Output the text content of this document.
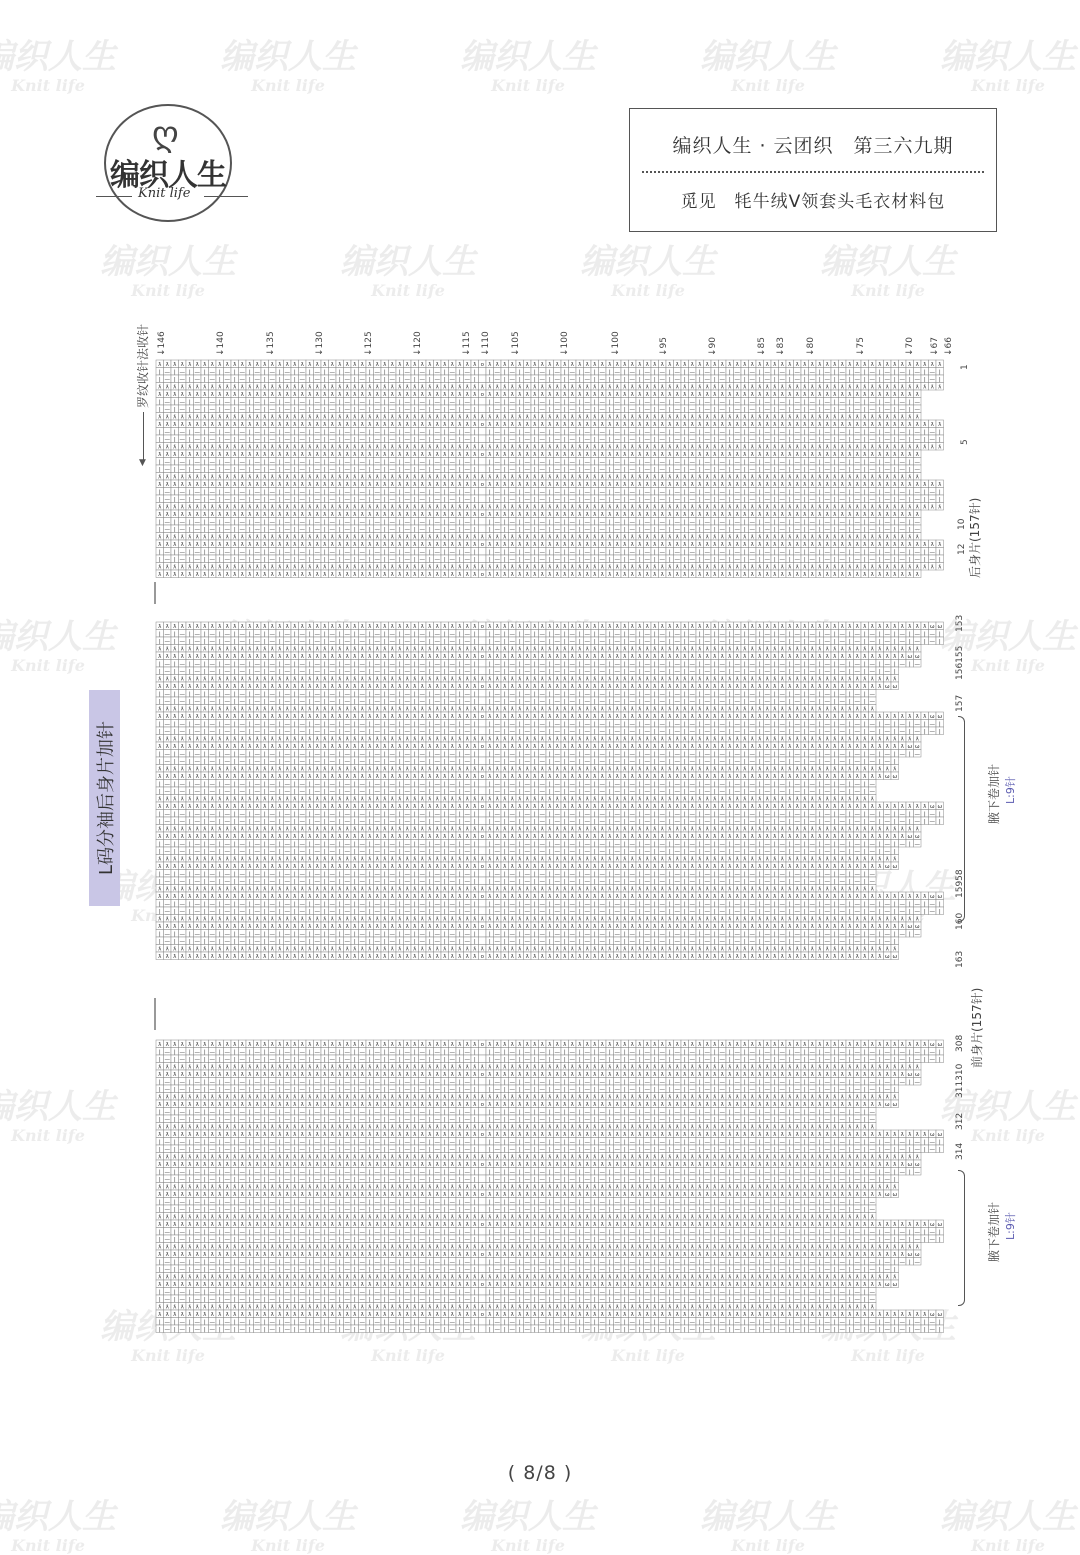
织人生
Knit life
编织人生
Knit life
编织人生
Knit life
编织人生
Knit life
编织人生
Knit life
编织人生
Knit life
编织人生
Knit life
编织人生
Knit life
编织人生
Knit life
织人生
Knit life
编织人生
Knit life
Knit
编织人生
织人生
Knit life
编织人生
Knit life
Knit life	Knit life	Knit life	Knit life
织人生
Knit life
编织人生
Knit life
编织人生
Knit life
编织人生
Knit life
编织人生
Knit life
ღ
编织人生
Knit life
编织人生 · 云团织　第三六九期
觅见　牦牛绒V领套头毛衣材料包
L码分袖后身片加针
罗纹收针法收针
▼
↓146	↓140	↓135	↓130	↓125	↓120	↓115 ↓110 ↓105	↓100	↓100	↓95	↓90	↓85 ↓83 ↓80	↓75	↓70 ↓67 ↓66
ƛ ƛ ƛ ƛ ƛ ƛ ƛ ƛ ƛ ƛ ƛ ƛ ƛ ƛ ƛ ƛ ƛ ƛ ƛ ƛ ƛ ƛ ƛ ƛ ƛ ƛ ƛ ƛ ƛ ƛ ƛ ƛ ƛ ƛ ƛ ƛ ƛ ƛ ƛ ƛ ƛ ƛ ƛ o ƛ ƛ ƛ ƛ ƛ ƛ ƛ ƛ ƛ ƛ ƛ ƛ ƛ ƛ ƛ ƛ ƛ ƛ ƛ ƛ ƛ ƛ ƛ ƛ ƛ ƛ ƛ ƛ ƛ ƛ ƛ ƛ ƛ ƛ ƛ ƛ ƛ ƛ ƛ ƛ ƛ ƛ ƛ ƛ ƛ ƛ ƛ ƛ ƛ ƛ ƛ ƛ ƛ ƛ ƛ ƛ ƛ ƛ ƛ ƛ ƛ
| — | — | — | — | — | — | — | — | — | — | — | — | — | — | — | — | — | — | — | — | — | | — | — | — | — | — | — | — | — | — | — | — | — | — | — | — | — | — | — | — | — | — | — | — | — | — | — | — | — | — | — |
| — | — | — | — | — | — | — | — | — | — | — | — | — | — | — | — | — | — | — | — | — | | — | — | — | — | — | — | — | — | — | — | — | — | — | — | — | — | — | — | — | — | — | — | — | — | — | — | — | — | — | — |
ƛ ƛ ƛ ƛ ƛ ƛ ƛ ƛ ƛ ƛ ƛ ƛ ƛ ƛ ƛ ƛ ƛ ƛ ƛ ƛ ƛ ƛ ƛ ƛ ƛ ƛ ƛ ƛ ƛ ƛ ƛ ƛ ƛ ƛ ƛ ƛ ƛ ƛ ƛ ƛ ƛ ƛ ƛ ƛ ƛ ƛ ƛ ƛ ƛ ƛ ƛ ƛ ƛ ƛ ƛ ƛ ƛ ƛ ƛ ƛ ƛ ƛ ƛ ƛ ƛ ƛ ƛ ƛ ƛ ƛ ƛ ƛ ƛ ƛ ƛ ƛ ƛ ƛ ƛ ƛ ƛ ƛ ƛ ƛ ƛ ƛ ƛ ƛ ƛ ƛ ƛ ƛ ƛ ƛ ƛ ƛ ƛ ƛ ƛ ƛ ƛ ƛ ƛ ƛ ƛ
ƛ ƛ ƛ ƛ ƛ ƛ ƛ ƛ ƛ ƛ ƛ ƛ ƛ ƛ ƛ ƛ ƛ ƛ ƛ ƛ ƛ ƛ ƛ ƛ ƛ ƛ ƛ ƛ ƛ ƛ ƛ ƛ ƛ ƛ ƛ ƛ ƛ ƛ ƛ ƛ ƛ ƛ ƛ o ƛ ƛ ƛ ƛ ƛ ƛ ƛ ƛ ƛ ƛ ƛ ƛ ƛ ƛ ƛ ƛ ƛ ƛ ƛ ƛ ƛ ƛ ƛ ƛ ƛ ƛ ƛ ƛ ƛ ƛ ƛ ƛ ƛ ƛ ƛ ƛ ƛ ƛ ƛ ƛ ƛ ƛ ƛ ƛ ƛ ƛ ƛ ƛ ƛ ƛ ƛ ƛ ƛ ƛ ƛ ƛ ƛ ƛ
| — | — | — | — | — | — | — | — | — | — | — | — | — | — | — | — | — | — | — | — | — | | — | — | — | — | — | — | — | — | — | — | — | — | — | — | — | — | — | — | — | — | — | — | — | — | — | — | — | — | —
| — | — | — | — | — | — | — | — | — | — | — | — | — | — | — | — | — | — | — | — | — | | — | — | — | — | — | — | — | — | — | — | — | — | — | — | — | — | — | — | — | — | — | — | — | — | — | — | — | — | —
ƛ ƛ ƛ ƛ ƛ ƛ ƛ ƛ ƛ ƛ ƛ ƛ ƛ ƛ ƛ ƛ ƛ ƛ ƛ ƛ ƛ ƛ ƛ ƛ ƛ ƛ ƛ ƛ ƛ ƛ ƛ ƛ ƛ ƛ ƛ ƛ ƛ ƛ ƛ ƛ ƛ ƛ ƛ ƛ ƛ ƛ ƛ ƛ ƛ ƛ ƛ ƛ ƛ ƛ ƛ ƛ ƛ ƛ ƛ ƛ ƛ ƛ ƛ ƛ ƛ ƛ ƛ ƛ ƛ ƛ ƛ ƛ ƛ ƛ ƛ ƛ ƛ ƛ ƛ ƛ ƛ ƛ ƛ ƛ ƛ ƛ ƛ ƛ ƛ ƛ ƛ ƛ ƛ ƛ ƛ ƛ ƛ ƛ ƛ ƛ ƛ ƛ
ƛ ƛ ƛ ƛ ƛ ƛ ƛ ƛ ƛ ƛ ƛ ƛ ƛ ƛ ƛ ƛ ƛ ƛ ƛ ƛ ƛ ƛ ƛ ƛ ƛ ƛ ƛ ƛ ƛ ƛ ƛ ƛ ƛ ƛ ƛ ƛ ƛ ƛ ƛ ƛ ƛ ƛ ƛ o ƛ ƛ ƛ ƛ ƛ ƛ ƛ ƛ ƛ ƛ ƛ ƛ ƛ ƛ ƛ ƛ ƛ ƛ ƛ ƛ ƛ ƛ ƛ ƛ ƛ ƛ ƛ ƛ ƛ ƛ ƛ ƛ ƛ ƛ ƛ ƛ ƛ ƛ ƛ ƛ ƛ ƛ ƛ ƛ ƛ ƛ ƛ ƛ ƛ ƛ ƛ ƛ ƛ ƛ ƛ ƛ ƛ ƛ ƛ ƛ ƛ
| — | — | — | — | — | — | — | — | — | — | — | — | — | — | — | — | — | — | — | — | — | | — | — | — | — | — | — | — | — | — | — | — | — | — | — | — | — | — | — | — | — | — | — | — | — | — | — | — | — | — | — |
| — | — | — | — | — | — | — | — | — | — | — | — | — | — | — | — | — | — | — | — | — | | — | — | — | — | — | — | — | — | — | — | — | — | — | — | — | — | — | — | — | — | — | — | — | — | — | — | — | — | — | — |
ƛ ƛ ƛ ƛ ƛ ƛ ƛ ƛ ƛ ƛ ƛ ƛ ƛ ƛ ƛ ƛ ƛ ƛ ƛ ƛ ƛ ƛ ƛ ƛ ƛ ƛ ƛ ƛ ƛ ƛ ƛ ƛ ƛ ƛ ƛ ƛ ƛ ƛ ƛ ƛ ƛ ƛ ƛ ƛ ƛ ƛ ƛ ƛ ƛ ƛ ƛ ƛ ƛ ƛ ƛ ƛ ƛ ƛ ƛ ƛ ƛ ƛ ƛ ƛ ƛ ƛ ƛ ƛ ƛ ƛ ƛ ƛ ƛ ƛ ƛ ƛ ƛ ƛ ƛ ƛ ƛ ƛ ƛ ƛ ƛ ƛ ƛ ƛ ƛ ƛ ƛ ƛ ƛ ƛ ƛ ƛ ƛ ƛ ƛ ƛ ƛ ƛ ƛ ƛ ƛ
ƛ ƛ ƛ ƛ ƛ ƛ ƛ ƛ ƛ ƛ ƛ ƛ ƛ ƛ ƛ ƛ ƛ ƛ ƛ ƛ ƛ ƛ ƛ ƛ ƛ ƛ ƛ ƛ ƛ ƛ ƛ ƛ ƛ ƛ ƛ ƛ ƛ ƛ ƛ ƛ ƛ ƛ ƛ o ƛ ƛ ƛ ƛ ƛ ƛ ƛ ƛ ƛ ƛ ƛ ƛ ƛ ƛ ƛ ƛ ƛ ƛ ƛ ƛ ƛ ƛ ƛ ƛ ƛ ƛ ƛ ƛ ƛ ƛ ƛ ƛ ƛ ƛ ƛ ƛ ƛ ƛ ƛ ƛ ƛ ƛ ƛ ƛ ƛ ƛ ƛ ƛ ƛ ƛ ƛ ƛ ƛ ƛ ƛ ƛ ƛ ƛ
| — | — | — | — | — | — | — | — | — | — | — | — | — | — | — | — | — | — | — | — | — | | — | — | — | — | — | — | — | — | — | — | — | — | — | — | — | — | — | — | — | — | — | — | — | — | — | — | — | — | —
| — | — | — | — | — | — | — | — | — | — | — | — | — | — | — | — | — | — | — | — | — | | — | — | — | — | — | — | — | — | — | — | — | — | — | — | — | — | — | — | — | — | — | — | — | — | — | — | — | — | —
ƛ ƛ ƛ ƛ ƛ ƛ ƛ ƛ ƛ ƛ ƛ ƛ ƛ ƛ ƛ ƛ ƛ ƛ ƛ ƛ ƛ ƛ ƛ ƛ ƛ ƛ ƛ ƛ ƛ ƛ ƛ ƛ ƛ ƛ ƛ ƛ ƛ ƛ ƛ ƛ ƛ ƛ ƛ ƛ ƛ ƛ ƛ ƛ ƛ ƛ ƛ ƛ ƛ ƛ ƛ ƛ ƛ ƛ ƛ ƛ ƛ ƛ ƛ ƛ ƛ ƛ ƛ ƛ ƛ ƛ ƛ ƛ ƛ ƛ ƛ ƛ ƛ ƛ ƛ ƛ ƛ ƛ ƛ ƛ ƛ ƛ ƛ ƛ ƛ ƛ ƛ ƛ ƛ ƛ ƛ ƛ ƛ ƛ ƛ ƛ ƛ ƛ
ƛ ƛ ƛ ƛ ƛ ƛ ƛ ƛ ƛ ƛ ƛ ƛ ƛ ƛ ƛ ƛ ƛ ƛ ƛ ƛ ƛ ƛ ƛ ƛ ƛ ƛ ƛ ƛ ƛ ƛ ƛ ƛ ƛ ƛ ƛ ƛ ƛ ƛ ƛ ƛ ƛ ƛ ƛ o ƛ ƛ ƛ ƛ ƛ ƛ ƛ ƛ ƛ ƛ ƛ ƛ ƛ ƛ ƛ ƛ ƛ ƛ ƛ ƛ ƛ ƛ ƛ ƛ ƛ ƛ ƛ ƛ ƛ ƛ ƛ ƛ ƛ ƛ ƛ ƛ ƛ ƛ ƛ ƛ ƛ ƛ ƛ ƛ ƛ ƛ ƛ ƛ ƛ ƛ ƛ ƛ ƛ ƛ ƛ ƛ ƛ ƛ ƛ ƛ ƛ
| — | — | — | — | — | — | — | — | — | — | — | — | — | — | — | — | — | — | — | — | — | | — | — | — | — | — | — | — | — | — | — | — | — | — | — | — | — | — | — | — | — | — | — | — | — | — | — | — | — | — | — |
| — | — | — | — | — | — | — | — | — | — | — | — | — | — | — | — | — | — | — | — | — | | — | — | — | — | — | — | — | — | — | — | — | — | — | — | — | — | — | — | — | — | — | — | — | — | — | — | — | — | — | — |
ƛ ƛ ƛ ƛ ƛ ƛ ƛ ƛ ƛ ƛ ƛ ƛ ƛ ƛ ƛ ƛ ƛ ƛ ƛ ƛ ƛ ƛ ƛ ƛ ƛ ƛ ƛ ƛ ƛ ƛ ƛ ƛ ƛ ƛ ƛ ƛ ƛ ƛ ƛ ƛ ƛ ƛ ƛ ƛ ƛ ƛ ƛ ƛ ƛ ƛ ƛ ƛ ƛ ƛ ƛ ƛ ƛ ƛ ƛ ƛ ƛ ƛ ƛ ƛ ƛ ƛ ƛ ƛ ƛ ƛ ƛ ƛ ƛ ƛ ƛ ƛ ƛ ƛ ƛ ƛ ƛ ƛ ƛ ƛ ƛ ƛ ƛ ƛ ƛ ƛ ƛ ƛ ƛ ƛ ƛ ƛ ƛ ƛ ƛ ƛ ƛ ƛ ƛ ƛ ƛ
ƛ ƛ ƛ ƛ ƛ ƛ ƛ ƛ ƛ ƛ ƛ ƛ ƛ ƛ ƛ ƛ ƛ ƛ ƛ ƛ ƛ ƛ ƛ ƛ ƛ ƛ ƛ ƛ ƛ ƛ ƛ ƛ ƛ ƛ ƛ ƛ ƛ ƛ ƛ ƛ ƛ ƛ ƛ o ƛ ƛ ƛ ƛ ƛ ƛ ƛ ƛ ƛ ƛ ƛ ƛ ƛ ƛ ƛ ƛ ƛ ƛ ƛ ƛ ƛ ƛ ƛ ƛ ƛ ƛ ƛ ƛ ƛ ƛ ƛ ƛ ƛ ƛ ƛ ƛ ƛ ƛ ƛ ƛ ƛ ƛ ƛ ƛ ƛ ƛ ƛ ƛ ƛ ƛ ƛ ƛ ƛ ƛ ƛ ƛ ƛ ƛ
| — | — | — | — | — | — | — | — | — | — | — | — | — | — | — | — | — | — | — | — | — | | — | — | — | — | — | — | — | — | — | — | — | — | — | — | — | — | — | — | — | — | — | — | — | — | — | — | — | — | —
| — | — | — | — | — | — | — | — | — | — | — | — | — | — | — | — | — | — | — | — | — | | — | — | — | — | — | — | — | — | — | — | — | — | — | — | — | — | — | — | — | — | — | — | — | — | — | — | — | — | —
ƛ ƛ ƛ ƛ ƛ ƛ ƛ ƛ ƛ ƛ ƛ ƛ ƛ ƛ ƛ ƛ ƛ ƛ ƛ ƛ ƛ ƛ ƛ ƛ ƛ ƛ ƛ ƛ ƛ ƛ ƛ ƛ ƛ ƛ ƛ ƛ ƛ ƛ ƛ ƛ ƛ ƛ ƛ ƛ ƛ ƛ ƛ ƛ ƛ ƛ ƛ ƛ ƛ ƛ ƛ ƛ ƛ ƛ ƛ ƛ ƛ ƛ ƛ ƛ ƛ ƛ ƛ ƛ ƛ ƛ ƛ ƛ ƛ ƛ ƛ ƛ ƛ ƛ ƛ ƛ ƛ ƛ ƛ ƛ ƛ ƛ ƛ ƛ ƛ ƛ ƛ ƛ ƛ ƛ ƛ ƛ ƛ ƛ ƛ ƛ ƛ ƛ
ƛ ƛ ƛ ƛ ƛ ƛ ƛ ƛ ƛ ƛ ƛ ƛ ƛ ƛ ƛ ƛ ƛ ƛ ƛ ƛ ƛ ƛ ƛ ƛ ƛ ƛ ƛ ƛ ƛ ƛ ƛ ƛ ƛ ƛ ƛ ƛ ƛ ƛ ƛ ƛ ƛ ƛ ƛ o ƛ ƛ ƛ ƛ ƛ ƛ ƛ ƛ ƛ ƛ ƛ ƛ ƛ ƛ ƛ ƛ ƛ ƛ ƛ ƛ ƛ ƛ ƛ ƛ ƛ ƛ ƛ ƛ ƛ ƛ ƛ ƛ ƛ ƛ ƛ ƛ ƛ ƛ ƛ ƛ ƛ ƛ ƛ ƛ ƛ ƛ ƛ ƛ ƛ ƛ ƛ ƛ ƛ ƛ ƛ ƛ ƛ ƛ ƛ ƛ ƛ
| — | — | — | — | — | — | — | — | — | — | — | — | — | — | — | — | — | — | — | — | — | | — | — | — | — | — | — | — | — | — | — | — | — | — | — | — | — | — | — | — | — | — | — | — | — | — | — | — | — | — | — |
| — | — | — | — | — | — | — | — | — | — | — | — | — | — | — | — | — | — | — | — | — | | — | — | — | — | — | — | — | — | — | — | — | — | — | — | — | — | — | — | — | — | — | — | — | — | — | — | — | — | — | — |
ƛ ƛ ƛ ƛ ƛ ƛ ƛ ƛ ƛ ƛ ƛ ƛ ƛ ƛ ƛ ƛ ƛ ƛ ƛ ƛ ƛ ƛ ƛ ƛ ƛ ƛ ƛ ƛ ƛ ƛ ƛ ƛ ƛ ƛ ƛ ƛ ƛ ƛ ƛ ƛ ƛ ƛ ƛ ƛ ƛ ƛ ƛ ƛ ƛ ƛ ƛ ƛ ƛ ƛ ƛ ƛ ƛ ƛ ƛ ƛ ƛ ƛ ƛ ƛ ƛ ƛ ƛ ƛ ƛ ƛ ƛ ƛ ƛ ƛ ƛ ƛ ƛ ƛ ƛ ƛ ƛ ƛ ƛ ƛ ƛ ƛ ƛ ƛ ƛ ƛ ƛ ƛ ƛ ƛ ƛ ƛ ƛ ƛ ƛ ƛ ƛ ƛ ƛ ƛ ƛ
ƛ ƛ ƛ ƛ ƛ ƛ ƛ ƛ ƛ ƛ ƛ ƛ ƛ ƛ ƛ ƛ ƛ ƛ ƛ ƛ ƛ ƛ ƛ ƛ ƛ ƛ ƛ ƛ ƛ ƛ ƛ ƛ ƛ ƛ ƛ ƛ ƛ ƛ ƛ ƛ ƛ ƛ ƛ o ƛ ƛ ƛ ƛ ƛ ƛ ƛ ƛ ƛ ƛ ƛ ƛ ƛ ƛ ƛ ƛ ƛ ƛ ƛ ƛ ƛ ƛ ƛ ƛ ƛ ƛ ƛ ƛ ƛ ƛ ƛ ƛ ƛ ƛ ƛ ƛ ƛ ƛ ƛ ƛ ƛ ƛ ƛ ƛ ƛ ƛ ƛ ƛ ƛ ƛ ƛ ƛ ƛ ƛ ƛ ƛ ƛ ƛ
ƛ ƛ ƛ ƛ ƛ ƛ ƛ ƛ ƛ ƛ ƛ ƛ ƛ ƛ ƛ ƛ ƛ ƛ ƛ ƛ ƛ ƛ ƛ ƛ ƛ ƛ ƛ ƛ ƛ ƛ ƛ ƛ ƛ ƛ ƛ ƛ ƛ ƛ ƛ ƛ ƛ ƛ ƛ o ƛ ƛ ƛ ƛ ƛ ƛ ƛ ƛ ƛ ƛ ƛ ƛ ƛ ƛ ƛ ƛ ƛ ƛ ƛ ƛ ƛ ƛ ƛ ƛ ƛ ƛ ƛ ƛ ƛ ƛ ƛ ƛ ƛ ƛ ƛ ƛ ƛ ƛ ƛ ƛ ƛ ƛ ƛ ƛ ƛ ƛ ƛ ƛ ƛ ƛ ƛ ƛ ƛ ƛ ƛ ƛ ƛ ƛ ƛ ω ω
| — | — | — | — | — | — | — | — | — | — | — | — | — | — | — | — | — | — | — | — | — | | — | — | — | — | — | — | — | — | — | — | — | — | — | — | — | — | — | — | — | — | — | — | — | — | — | — | — | — | — | — |
| — | — | — | — | — | — | — | — | — | — | — | — | — | — | — | — | — | — | — | — | — | | — | — | — | — | — | — | — | — | — | — | — | — | — | — | — | — | — | — | — | — | — | — | — | — | — | — | — | — | — | — |
ƛ ƛ ƛ ƛ ƛ ƛ ƛ ƛ ƛ ƛ ƛ ƛ ƛ ƛ ƛ ƛ ƛ ƛ ƛ ƛ ƛ ƛ ƛ ƛ ƛ ƛ ƛ ƛ ƛ ƛ ƛ ƛ ƛ ƛ ƛ ƛ ƛ ƛ ƛ ƛ ƛ ƛ ƛ ƛ ƛ ƛ ƛ ƛ ƛ ƛ ƛ ƛ ƛ ƛ ƛ ƛ ƛ ƛ ƛ ƛ ƛ ƛ ƛ ƛ ƛ ƛ ƛ ƛ ƛ ƛ ƛ ƛ ƛ ƛ ƛ ƛ ƛ ƛ ƛ ƛ ƛ ƛ ƛ ƛ ƛ ƛ ƛ ƛ ƛ ƛ ƛ ƛ ƛ ƛ ƛ ƛ ƛ ƛ ƛ ƛ ƛ ƛ
ƛ ƛ ƛ ƛ ƛ ƛ ƛ ƛ ƛ ƛ ƛ ƛ ƛ ƛ ƛ ƛ ƛ ƛ ƛ ƛ ƛ ƛ ƛ ƛ ƛ ƛ ƛ ƛ ƛ ƛ ƛ ƛ ƛ ƛ ƛ ƛ ƛ ƛ ƛ ƛ ƛ ƛ ƛ o ƛ ƛ ƛ ƛ ƛ ƛ ƛ ƛ ƛ ƛ ƛ ƛ ƛ ƛ ƛ ƛ ƛ ƛ ƛ ƛ ƛ ƛ ƛ ƛ ƛ ƛ ƛ ƛ ƛ ƛ ƛ ƛ ƛ ƛ ƛ ƛ ƛ ƛ ƛ ƛ ƛ ƛ ƛ ƛ ƛ ƛ ƛ ƛ ƛ ƛ ƛ ƛ ƛ ƛ ƛ ƛ ω ω
| — | — | — | — | — | — | — | — | — | — | — | — | — | — | — | — | — | — | — | — | — | | — | — | — | — | — | — | — | — | — | — | — | — | — | — | — | — | — | — | — | — | — | — | — | — | — | — | — | — | —
| — | — | — | — | — | — | — | — | — | — | — | — | — | — | — | — | — | — | — | — | — | | — | — | — | — | — | — | — | — | — | — | — | — | — | — | — | — | — | — | — | — | — | — | — | — | — | — | — |
ƛ ƛ ƛ ƛ ƛ ƛ ƛ ƛ ƛ ƛ ƛ ƛ ƛ ƛ ƛ ƛ ƛ ƛ ƛ ƛ ƛ ƛ ƛ ƛ ƛ ƛ ƛ ƛ ƛ ƛ ƛ ƛ ƛ ƛ ƛ ƛ ƛ ƛ ƛ ƛ ƛ ƛ ƛ ƛ ƛ ƛ ƛ ƛ ƛ ƛ ƛ ƛ ƛ ƛ ƛ ƛ ƛ ƛ ƛ ƛ ƛ ƛ ƛ ƛ ƛ ƛ ƛ ƛ ƛ ƛ ƛ ƛ ƛ ƛ ƛ ƛ ƛ ƛ ƛ ƛ ƛ ƛ ƛ ƛ ƛ ƛ ƛ ƛ ƛ ƛ ƛ ƛ ƛ ƛ ƛ ƛ ƛ ƛ ƛ
ƛ ƛ ƛ ƛ ƛ ƛ ƛ ƛ ƛ ƛ ƛ ƛ ƛ ƛ ƛ ƛ ƛ ƛ ƛ ƛ ƛ ƛ ƛ ƛ ƛ ƛ ƛ ƛ ƛ ƛ ƛ ƛ ƛ ƛ ƛ ƛ ƛ ƛ ƛ ƛ ƛ ƛ ƛ o ƛ ƛ ƛ ƛ ƛ ƛ ƛ ƛ ƛ ƛ ƛ ƛ ƛ ƛ ƛ ƛ ƛ ƛ ƛ ƛ ƛ ƛ ƛ ƛ ƛ ƛ ƛ ƛ ƛ ƛ ƛ ƛ ƛ ƛ ƛ ƛ ƛ ƛ ƛ ƛ ƛ ƛ ƛ ƛ ƛ ƛ ƛ ƛ ƛ ƛ ƛ ƛ ƛ ω ω
| — | — | — | — | — | — | — | — | — | — | — | — | — | — | — | — | — | — | — | — | — | | — | — | — | — | — | — | — | — | — | — | — | — | — | — | — | — | — | — | — | — | — | — | — | — | — | —
| — | — | — | — | — | — | — | — | — | — | — | — | — | — | — | — | — | — | — | — | — | | — | — | — | — | — | — | — | — | — | — | — | — | — | — | — | — | — | — | — | — | — | — | — | — | — | —
ƛ ƛ ƛ ƛ ƛ ƛ ƛ ƛ ƛ ƛ ƛ ƛ ƛ ƛ ƛ ƛ ƛ ƛ ƛ ƛ ƛ ƛ ƛ ƛ ƛ ƛ ƛ ƛ ƛ ƛ ƛ ƛ ƛ ƛ ƛ ƛ ƛ ƛ ƛ ƛ ƛ ƛ ƛ ƛ ƛ ƛ ƛ ƛ ƛ ƛ ƛ ƛ ƛ ƛ ƛ ƛ ƛ ƛ ƛ ƛ ƛ ƛ ƛ ƛ ƛ ƛ ƛ ƛ ƛ ƛ ƛ ƛ ƛ ƛ ƛ ƛ ƛ ƛ ƛ ƛ ƛ ƛ ƛ ƛ ƛ ƛ ƛ ƛ ƛ ƛ ƛ ƛ ƛ ƛ ƛ ƛ
ƛ ƛ ƛ ƛ ƛ ƛ ƛ ƛ ƛ ƛ ƛ ƛ ƛ ƛ ƛ ƛ ƛ ƛ ƛ ƛ ƛ ƛ ƛ ƛ ƛ ƛ ƛ ƛ ƛ ƛ ƛ ƛ ƛ ƛ ƛ ƛ ƛ ƛ ƛ ƛ ƛ ƛ ƛ o ƛ ƛ ƛ ƛ ƛ ƛ ƛ ƛ ƛ ƛ ƛ ƛ ƛ ƛ ƛ ƛ ƛ ƛ ƛ ƛ ƛ ƛ ƛ ƛ ƛ ƛ ƛ ƛ ƛ ƛ ƛ ƛ ƛ ƛ ƛ ƛ ƛ ƛ ƛ ƛ ƛ ƛ ƛ ƛ ƛ ƛ ƛ ƛ ƛ ƛ ƛ ƛ ƛ ƛ ƛ ƛ ƛ ƛ ƛ ω ω
| — | — | — | — | — | — | — | — | — | — | — | — | — | — | — | — | — | — | — | — | — | | — | — | — | — | — | — | — | — | — | — | — | — | — | — | — | — | — | — | — | — | — | — | — | — | — | — | — | — | — | — |
| — | — | — | — | — | — | — | — | — | — | — | — | — | — | — | — | — | — | — | — | — | | — | — | — | — | — | — | — | — | — | — | — | — | — | — | — | — | — | — | — | — | — | — | — | — | — | — | — | — | — | — |
ƛ ƛ ƛ ƛ ƛ ƛ ƛ ƛ ƛ ƛ ƛ ƛ ƛ ƛ ƛ ƛ ƛ ƛ ƛ ƛ ƛ ƛ ƛ ƛ ƛ ƛ ƛ ƛ ƛ ƛ ƛ ƛ ƛ ƛ ƛ ƛ ƛ ƛ ƛ ƛ ƛ ƛ ƛ ƛ ƛ ƛ ƛ ƛ ƛ ƛ ƛ ƛ ƛ ƛ ƛ ƛ ƛ ƛ ƛ ƛ ƛ ƛ ƛ ƛ ƛ ƛ ƛ ƛ ƛ ƛ ƛ ƛ ƛ ƛ ƛ ƛ ƛ ƛ ƛ ƛ ƛ ƛ ƛ ƛ ƛ ƛ ƛ ƛ ƛ ƛ ƛ ƛ ƛ ƛ ƛ ƛ ƛ ƛ ƛ ƛ ƛ ƛ
ƛ ƛ ƛ ƛ ƛ ƛ ƛ ƛ ƛ ƛ ƛ ƛ ƛ ƛ ƛ ƛ ƛ ƛ ƛ ƛ ƛ ƛ ƛ ƛ ƛ ƛ ƛ ƛ ƛ ƛ ƛ ƛ ƛ ƛ ƛ ƛ ƛ ƛ ƛ ƛ ƛ ƛ ƛ o ƛ ƛ ƛ ƛ ƛ ƛ ƛ ƛ ƛ ƛ ƛ ƛ ƛ ƛ ƛ ƛ ƛ ƛ ƛ ƛ ƛ ƛ ƛ ƛ ƛ ƛ ƛ ƛ ƛ ƛ ƛ ƛ ƛ ƛ ƛ ƛ ƛ ƛ ƛ ƛ ƛ ƛ ƛ ƛ ƛ ƛ ƛ ƛ ƛ ƛ ƛ ƛ ƛ ƛ ƛ ƛ ω ω
| — | — | — | — | — | — | — | — | — | — | — | — | — | — | — | — | — | — | — | — | — | | — | — | — | — | — | — | — | — | — | — | — | — | — | — | — | — | — | — | — | — | — | — | — | — | — | — | — | — | —
| — | — | — | — | — | — | — | — | — | — | — | — | — | — | — | — | — | — | — | — | — | | — | — | — | — | — | — | — | — | — | — | — | — | — | — | — | — | — | — | — | — | — | — | — | — | — | — | — |
ƛ ƛ ƛ ƛ ƛ ƛ ƛ ƛ ƛ ƛ ƛ ƛ ƛ ƛ ƛ ƛ ƛ ƛ ƛ ƛ ƛ ƛ ƛ ƛ ƛ ƛ ƛ ƛ ƛ ƛ ƛ ƛ ƛ ƛ ƛ ƛ ƛ ƛ ƛ ƛ ƛ ƛ ƛ ƛ ƛ ƛ ƛ ƛ ƛ ƛ ƛ ƛ ƛ ƛ ƛ ƛ ƛ ƛ ƛ ƛ ƛ ƛ ƛ ƛ ƛ ƛ ƛ ƛ ƛ ƛ ƛ ƛ ƛ ƛ ƛ ƛ ƛ ƛ ƛ ƛ ƛ ƛ ƛ ƛ ƛ ƛ ƛ ƛ ƛ ƛ ƛ ƛ ƛ ƛ ƛ ƛ ƛ ƛ ƛ
ƛ ƛ ƛ ƛ ƛ ƛ ƛ ƛ ƛ ƛ ƛ ƛ ƛ ƛ ƛ ƛ ƛ ƛ ƛ ƛ ƛ ƛ ƛ ƛ ƛ ƛ ƛ ƛ ƛ ƛ ƛ ƛ ƛ ƛ ƛ ƛ ƛ ƛ ƛ ƛ ƛ ƛ ƛ o ƛ ƛ ƛ ƛ ƛ ƛ ƛ ƛ ƛ ƛ ƛ ƛ ƛ ƛ ƛ ƛ ƛ ƛ ƛ ƛ ƛ ƛ ƛ ƛ ƛ ƛ ƛ ƛ ƛ ƛ ƛ ƛ ƛ ƛ ƛ ƛ ƛ ƛ ƛ ƛ ƛ ƛ ƛ ƛ ƛ ƛ ƛ ƛ ƛ ƛ ƛ ƛ ƛ ω ω
| — | — | — | — | — | — | — | — | — | — | — | — | — | — | — | — | — | — | — | — | — | | — | — | — | — | — | — | — | — | — | — | — | — | — | — | — | — | — | — | — | — | — | — | — | — | — | —
| — | — | — | — | — | — | — | — | — | — | — | — | — | — | — | — | — | — | — | — | — | | — | — | — | — | — | — | — | — | — | — | — | — | — | — | — | — | — | — | — | — | — | — | — | — | — | —
ƛ ƛ ƛ ƛ ƛ ƛ ƛ ƛ ƛ ƛ ƛ ƛ ƛ ƛ ƛ ƛ ƛ ƛ ƛ ƛ ƛ ƛ ƛ ƛ ƛ ƛ ƛ ƛ ƛ ƛ ƛ ƛ ƛ ƛ ƛ ƛ ƛ ƛ ƛ ƛ ƛ ƛ ƛ ƛ ƛ ƛ ƛ ƛ ƛ ƛ ƛ ƛ ƛ ƛ ƛ ƛ ƛ ƛ ƛ ƛ ƛ ƛ ƛ ƛ ƛ ƛ ƛ ƛ ƛ ƛ ƛ ƛ ƛ ƛ ƛ ƛ ƛ ƛ ƛ ƛ ƛ ƛ ƛ ƛ ƛ ƛ ƛ ƛ ƛ ƛ ƛ ƛ ƛ ƛ ƛ ƛ
ƛ ƛ ƛ ƛ ƛ ƛ ƛ ƛ ƛ ƛ ƛ ƛ ƛ ƛ ƛ ƛ ƛ ƛ ƛ ƛ ƛ ƛ ƛ ƛ ƛ ƛ ƛ ƛ ƛ ƛ ƛ ƛ ƛ ƛ ƛ ƛ ƛ ƛ ƛ ƛ ƛ ƛ ƛ o ƛ ƛ ƛ ƛ ƛ ƛ ƛ ƛ ƛ ƛ ƛ ƛ ƛ ƛ ƛ ƛ ƛ ƛ ƛ ƛ ƛ ƛ ƛ ƛ ƛ ƛ ƛ ƛ ƛ ƛ ƛ ƛ ƛ ƛ ƛ ƛ ƛ ƛ ƛ ƛ ƛ ƛ ƛ ƛ ƛ ƛ ƛ ƛ ƛ ƛ ƛ ƛ ƛ ƛ ƛ ƛ ƛ ƛ ƛ ω ω
| — | — | — | — | — | — | — | — | — | — | — | — | — | — | — | — | — | — | — | — | — | | — | — | — | — | — | — | — | — | — | — | — | — | — | — | — | — | — | — | — | — | — | — | — | — | — | — | — | — | — | — |
| — | — | — | — | — | — | — | — | — | — | — | — | — | — | — | — | — | — | — | — | — | | — | — | — | — | — | — | — | — | — | — | — | — | — | — | — | — | — | — | — | — | — | — | — | — | — | — | — | — | — | — |
ƛ ƛ ƛ ƛ ƛ ƛ ƛ ƛ ƛ ƛ ƛ ƛ ƛ ƛ ƛ ƛ ƛ ƛ ƛ ƛ ƛ ƛ ƛ ƛ ƛ ƛ ƛ ƛ ƛ ƛ ƛ ƛ ƛ ƛ ƛ ƛ ƛ ƛ ƛ ƛ ƛ ƛ ƛ ƛ ƛ ƛ ƛ ƛ ƛ ƛ ƛ ƛ ƛ ƛ ƛ ƛ ƛ ƛ ƛ ƛ ƛ ƛ ƛ ƛ ƛ ƛ ƛ ƛ ƛ ƛ ƛ ƛ ƛ ƛ ƛ ƛ ƛ ƛ ƛ ƛ ƛ ƛ ƛ ƛ ƛ ƛ ƛ ƛ ƛ ƛ ƛ ƛ ƛ ƛ ƛ ƛ ƛ ƛ ƛ ƛ ƛ ƛ
ƛ ƛ ƛ ƛ ƛ ƛ ƛ ƛ ƛ ƛ ƛ ƛ ƛ ƛ ƛ ƛ ƛ ƛ ƛ ƛ ƛ ƛ ƛ ƛ ƛ ƛ ƛ ƛ ƛ ƛ ƛ ƛ ƛ ƛ ƛ ƛ ƛ ƛ ƛ ƛ ƛ ƛ ƛ o ƛ ƛ ƛ ƛ ƛ ƛ ƛ ƛ ƛ ƛ ƛ ƛ ƛ ƛ ƛ ƛ ƛ ƛ ƛ ƛ ƛ ƛ ƛ ƛ ƛ ƛ ƛ ƛ ƛ ƛ ƛ ƛ ƛ ƛ ƛ ƛ ƛ ƛ ƛ ƛ ƛ ƛ ƛ ƛ ƛ ƛ ƛ ƛ ƛ ƛ ƛ ƛ ƛ ƛ ƛ ƛ ω ω
| — | — | — | — | — | — | — | — | — | — | — | — | — | — | — | — | — | — | — | — | — | | — | — | — | — | — | — | — | — | — | — | — | — | — | — | — | — | — | — | — | — | — | — | — | — | — | — | — | — | —
| — | — | — | — | — | — | — | — | — | — | — | — | — | — | — | — | — | — | — | — | — | | — | — | — | — | — | — | — | — | — | — | — | — | — | — | — | — | — | — | — | — | — | — | — | — | — | — | — |
ƛ ƛ ƛ ƛ ƛ ƛ ƛ ƛ ƛ ƛ ƛ ƛ ƛ ƛ ƛ ƛ ƛ ƛ ƛ ƛ ƛ ƛ ƛ ƛ ƛ ƛ ƛ ƛ ƛ ƛ ƛ ƛ ƛ ƛ ƛ ƛ ƛ ƛ ƛ ƛ ƛ ƛ ƛ ƛ ƛ ƛ ƛ ƛ ƛ ƛ ƛ ƛ ƛ ƛ ƛ ƛ ƛ ƛ ƛ ƛ ƛ ƛ ƛ ƛ ƛ ƛ ƛ ƛ ƛ ƛ ƛ ƛ ƛ ƛ ƛ ƛ ƛ ƛ ƛ ƛ ƛ ƛ ƛ ƛ ƛ ƛ ƛ ƛ ƛ ƛ ƛ ƛ ƛ ƛ ƛ ƛ ƛ ƛ ƛ
ƛ ƛ ƛ ƛ ƛ ƛ ƛ ƛ ƛ ƛ ƛ ƛ ƛ ƛ ƛ ƛ ƛ ƛ ƛ ƛ ƛ ƛ ƛ ƛ ƛ ƛ ƛ ƛ ƛ ƛ ƛ ƛ ƛ ƛ ƛ ƛ ƛ ƛ ƛ ƛ ƛ ƛ ƛ o ƛ ƛ ƛ ƛ ƛ ƛ ƛ ƛ ƛ ƛ ƛ ƛ ƛ ƛ ƛ ƛ ƛ ƛ ƛ ƛ ƛ ƛ ƛ ƛ ƛ ƛ ƛ ƛ ƛ ƛ ƛ ƛ ƛ ƛ ƛ ƛ ƛ ƛ ƛ ƛ ƛ ƛ ƛ ƛ ƛ ƛ ƛ ƛ ƛ ƛ ƛ ƛ ƛ ω ω
| — | — | — | — | — | — | — | — | — | — | — | — | — | — | — | — | — | — | — | — | — | | — | — | — | — | — | — | — | — | — | — | — | — | — | — | — | — | — | — | — | — | — | — | — | — | — | —
| — | — | — | — | — | — | — | — | — | — | — | — | — | — | — | — | — | — | — | — | — | | — | — | — | — | — | — | — | — | — | — | — | — | — | — | — | — | — | — | — | — | — | — | — | — | — | —
ƛ ƛ ƛ ƛ ƛ ƛ ƛ ƛ ƛ ƛ ƛ ƛ ƛ ƛ ƛ ƛ ƛ ƛ ƛ ƛ ƛ ƛ ƛ ƛ ƛ ƛ ƛ ƛ ƛ ƛ ƛ ƛ ƛ ƛ ƛ ƛ ƛ ƛ ƛ ƛ ƛ ƛ ƛ ƛ ƛ ƛ ƛ ƛ ƛ ƛ ƛ ƛ ƛ ƛ ƛ ƛ ƛ ƛ ƛ ƛ ƛ ƛ ƛ ƛ ƛ ƛ ƛ ƛ ƛ ƛ ƛ ƛ ƛ ƛ ƛ ƛ ƛ ƛ ƛ ƛ ƛ ƛ ƛ ƛ ƛ ƛ ƛ ƛ ƛ ƛ ƛ ƛ ƛ ƛ ƛ ƛ
ƛ ƛ ƛ ƛ ƛ ƛ ƛ ƛ ƛ ƛ ƛ ƛ ƛ ƛ ƛ ƛ ƛ ƛ ƛ ƛ ƛ ƛ ƛ ƛ ƛ ƛ ƛ ƛ ƛ ƛ ƛ ƛ ƛ ƛ ƛ ƛ ƛ ƛ ƛ ƛ ƛ ƛ ƛ o ƛ ƛ ƛ ƛ ƛ ƛ ƛ ƛ ƛ ƛ ƛ ƛ ƛ ƛ ƛ ƛ ƛ ƛ ƛ ƛ ƛ ƛ ƛ ƛ ƛ ƛ ƛ ƛ ƛ ƛ ƛ ƛ ƛ ƛ ƛ ƛ ƛ ƛ ƛ ƛ ƛ ƛ ƛ ƛ ƛ ƛ ƛ ƛ ƛ ƛ ƛ ƛ ƛ ƛ ƛ ƛ ƛ ƛ ƛ ω ω
| — | — | — | — | — | — | — | — | — | — | — | — | — | — | — | — | — | — | — | — | — | | — | — | — | — | — | — | — | — | — | — | — | — | — | — | — | — | — | — | — | — | — | — | — | — | — | — | — | — | — | — |
| — | — | — | — | — | — | — | — | — | — | — | — | — | — | — | — | — | — | — | — | — | | — | — | — | — | — | — | — | — | — | — | — | — | — | — | — | — | — | — | — | — | — | — | — | — | — | — | — | — | — | — |
ƛ ƛ ƛ ƛ ƛ ƛ ƛ ƛ ƛ ƛ ƛ ƛ ƛ ƛ ƛ ƛ ƛ ƛ ƛ ƛ ƛ ƛ ƛ ƛ ƛ ƛ ƛ ƛ ƛ ƛ ƛ ƛ ƛ ƛ ƛ ƛ ƛ ƛ ƛ ƛ ƛ ƛ ƛ ƛ ƛ ƛ ƛ ƛ ƛ ƛ ƛ ƛ ƛ ƛ ƛ ƛ ƛ ƛ ƛ ƛ ƛ ƛ ƛ ƛ ƛ ƛ ƛ ƛ ƛ ƛ ƛ ƛ ƛ ƛ ƛ ƛ ƛ ƛ ƛ ƛ ƛ ƛ ƛ ƛ ƛ ƛ ƛ ƛ ƛ ƛ ƛ ƛ ƛ ƛ ƛ ƛ ƛ ƛ ƛ ƛ ƛ ƛ
ƛ ƛ ƛ ƛ ƛ ƛ ƛ ƛ ƛ ƛ ƛ ƛ ƛ ƛ ƛ ƛ ƛ ƛ ƛ ƛ ƛ ƛ ƛ ƛ ƛ ƛ ƛ ƛ ƛ ƛ ƛ ƛ ƛ ƛ ƛ ƛ ƛ ƛ ƛ ƛ ƛ ƛ ƛ o ƛ ƛ ƛ ƛ ƛ ƛ ƛ ƛ ƛ ƛ ƛ ƛ ƛ ƛ ƛ ƛ ƛ ƛ ƛ ƛ ƛ ƛ ƛ ƛ ƛ ƛ ƛ ƛ ƛ ƛ ƛ ƛ ƛ ƛ ƛ ƛ ƛ ƛ ƛ ƛ ƛ ƛ ƛ ƛ ƛ ƛ ƛ ƛ ƛ ƛ ƛ ƛ ƛ ƛ ƛ ƛ ω ω
| — | — | — | — | — | — | — | — | — | — | — | — | — | — | — | — | — | — | — | — | — | | — | — | — | — | — | — | — | — | — | — | — | — | — | — | — | — | — | — | — | — | — | — | — | — | — | — | — | — | —
| — | — | — | — | — | — | — | — | — | — | — | — | — | — | — | — | — | — | — | — | — | | — | — | — | — | — | — | — | — | — | — | — | — | — | — | — | — | — | — | — | — | — | — | — | — | — | — | — |
ƛ ƛ ƛ ƛ ƛ ƛ ƛ ƛ ƛ ƛ ƛ ƛ ƛ ƛ ƛ ƛ ƛ ƛ ƛ ƛ ƛ ƛ ƛ ƛ ƛ ƛ ƛ ƛ ƛ ƛ ƛ ƛ ƛ ƛ ƛ ƛ ƛ ƛ ƛ ƛ ƛ ƛ ƛ ƛ ƛ ƛ ƛ ƛ ƛ ƛ ƛ ƛ ƛ ƛ ƛ ƛ ƛ ƛ ƛ ƛ ƛ ƛ ƛ ƛ ƛ ƛ ƛ ƛ ƛ ƛ ƛ ƛ ƛ ƛ ƛ ƛ ƛ ƛ ƛ ƛ ƛ ƛ ƛ ƛ ƛ ƛ ƛ ƛ ƛ ƛ ƛ ƛ ƛ ƛ ƛ ƛ ƛ ƛ ƛ
ƛ ƛ ƛ ƛ ƛ ƛ ƛ ƛ ƛ ƛ ƛ ƛ ƛ ƛ ƛ ƛ ƛ ƛ ƛ ƛ ƛ ƛ ƛ ƛ ƛ ƛ ƛ ƛ ƛ ƛ ƛ ƛ ƛ ƛ ƛ ƛ ƛ ƛ ƛ ƛ ƛ ƛ ƛ o ƛ ƛ ƛ ƛ ƛ ƛ ƛ ƛ ƛ ƛ ƛ ƛ ƛ ƛ ƛ ƛ ƛ ƛ ƛ ƛ ƛ ƛ ƛ ƛ ƛ ƛ ƛ ƛ ƛ ƛ ƛ ƛ ƛ ƛ ƛ ƛ ƛ ƛ ƛ ƛ ƛ ƛ ƛ ƛ ƛ ƛ ƛ ƛ ƛ ƛ ƛ ƛ ƛ ω ω
ƛ ƛ ƛ ƛ ƛ ƛ ƛ ƛ ƛ ƛ ƛ ƛ ƛ ƛ ƛ ƛ ƛ ƛ ƛ ƛ ƛ ƛ ƛ ƛ ƛ ƛ ƛ ƛ ƛ ƛ ƛ ƛ ƛ ƛ ƛ ƛ ƛ ƛ ƛ ƛ ƛ ƛ ƛ o ƛ ƛ ƛ ƛ ƛ ƛ ƛ ƛ ƛ ƛ ƛ ƛ ƛ ƛ ƛ ƛ ƛ ƛ ƛ ƛ ƛ ƛ ƛ ƛ ƛ ƛ ƛ ƛ ƛ ƛ ƛ ƛ ƛ ƛ ƛ ƛ ƛ ƛ ƛ ƛ ƛ ƛ ƛ ƛ ƛ ƛ ƛ ƛ ƛ ƛ ƛ ƛ ƛ ƛ ƛ ƛ ƛ ƛ ƛ ω ω
| — | — | — | — | — | — | — | — | — | — | — | — | — | — | — | — | — | — | — | — | — | | — | — | — | — | — | — | — | — | — | — | — | — | — | — | — | — | — | — | — | — | — | — | — | — | — | — | — | — | — | — |
| — | — | — | — | — | — | — | — | — | — | — | — | — | — | — | — | — | — | — | — | — | | — | — | — | — | — | — | — | — | — | — | — | — | — | — | — | — | — | — | — | — | — | — | — | — | — | — | — | — | — | — |
ƛ ƛ ƛ ƛ ƛ ƛ ƛ ƛ ƛ ƛ ƛ ƛ ƛ ƛ ƛ ƛ ƛ ƛ ƛ ƛ ƛ ƛ ƛ ƛ ƛ ƛ ƛ ƛ ƛ ƛ ƛ ƛ ƛ ƛ ƛ ƛ ƛ ƛ ƛ ƛ ƛ ƛ ƛ ƛ ƛ ƛ ƛ ƛ ƛ ƛ ƛ ƛ ƛ ƛ ƛ ƛ ƛ ƛ ƛ ƛ ƛ ƛ ƛ ƛ ƛ ƛ ƛ ƛ ƛ ƛ ƛ ƛ ƛ ƛ ƛ ƛ ƛ ƛ ƛ ƛ ƛ ƛ ƛ ƛ ƛ ƛ ƛ ƛ ƛ ƛ ƛ ƛ ƛ ƛ ƛ ƛ ƛ ƛ ƛ ƛ ƛ ƛ
ƛ ƛ ƛ ƛ ƛ ƛ ƛ ƛ ƛ ƛ ƛ ƛ ƛ ƛ ƛ ƛ ƛ ƛ ƛ ƛ ƛ ƛ ƛ ƛ ƛ ƛ ƛ ƛ ƛ ƛ ƛ ƛ ƛ ƛ ƛ ƛ ƛ ƛ ƛ ƛ ƛ ƛ ƛ o ƛ ƛ ƛ ƛ ƛ ƛ ƛ ƛ ƛ ƛ ƛ ƛ ƛ ƛ ƛ ƛ ƛ ƛ ƛ ƛ ƛ ƛ ƛ ƛ ƛ ƛ ƛ ƛ ƛ ƛ ƛ ƛ ƛ ƛ ƛ ƛ ƛ ƛ ƛ ƛ ƛ ƛ ƛ ƛ ƛ ƛ ƛ ƛ ƛ ƛ ƛ ƛ ƛ ƛ ƛ ƛ ω ω
| — | — | — | — | — | — | — | — | — | — | — | — | — | — | — | — | — | — | — | — | — | | — | — | — | — | — | — | — | — | — | — | — | — | — | — | — | — | — | — | — | — | — | — | — | — | — | — | — | — | —
| — | — | — | — | — | — | — | — | — | — | — | — | — | — | — | — | — | — | — | — | — | | — | — | — | — | — | — | — | — | — | — | — | — | — | — | — | — | — | — | — | — | — | — | — | — | — | — | — |
ƛ ƛ ƛ ƛ ƛ ƛ ƛ ƛ ƛ ƛ ƛ ƛ ƛ ƛ ƛ ƛ ƛ ƛ ƛ ƛ ƛ ƛ ƛ ƛ ƛ ƛ ƛ ƛ ƛ ƛ ƛ ƛ ƛ ƛ ƛ ƛ ƛ ƛ ƛ ƛ ƛ ƛ ƛ ƛ ƛ ƛ ƛ ƛ ƛ ƛ ƛ ƛ ƛ ƛ ƛ ƛ ƛ ƛ ƛ ƛ ƛ ƛ ƛ ƛ ƛ ƛ ƛ ƛ ƛ ƛ ƛ ƛ ƛ ƛ ƛ ƛ ƛ ƛ ƛ ƛ ƛ ƛ ƛ ƛ ƛ ƛ ƛ ƛ ƛ ƛ ƛ ƛ ƛ ƛ ƛ ƛ ƛ ƛ ƛ
ƛ ƛ ƛ ƛ ƛ ƛ ƛ ƛ ƛ ƛ ƛ ƛ ƛ ƛ ƛ ƛ ƛ ƛ ƛ ƛ ƛ ƛ ƛ ƛ ƛ ƛ ƛ ƛ ƛ ƛ ƛ ƛ ƛ ƛ ƛ ƛ ƛ ƛ ƛ ƛ ƛ ƛ ƛ o ƛ ƛ ƛ ƛ ƛ ƛ ƛ ƛ ƛ ƛ ƛ ƛ ƛ ƛ ƛ ƛ ƛ ƛ ƛ ƛ ƛ ƛ ƛ ƛ ƛ ƛ ƛ ƛ ƛ ƛ ƛ ƛ ƛ ƛ ƛ ƛ ƛ ƛ ƛ ƛ ƛ ƛ ƛ ƛ ƛ ƛ ƛ ƛ ƛ ƛ ƛ ƛ ƛ ω ω
| — | — | — | — | — | — | — | — | — | — | — | — | — | — | — | — | — | — | — | — | — | | — | — | — | — | — | — | — | — | — | — | — | — | — | — | — | — | — | — | — | — | — | — | — | — | — | —
| — | — | — | — | — | — | — | — | — | — | — | — | — | — | — | — | — | — | — | — | — | | — | — | — | — | — | — | — | — | — | — | — | — | — | — | — | — | — | — | — | — | — | — | — | — | — | —
ƛ ƛ ƛ ƛ ƛ ƛ ƛ ƛ ƛ ƛ ƛ ƛ ƛ ƛ ƛ ƛ ƛ ƛ ƛ ƛ ƛ ƛ ƛ ƛ ƛ ƛ ƛ ƛ ƛ ƛ ƛ ƛ ƛ ƛ ƛ ƛ ƛ ƛ ƛ ƛ ƛ ƛ ƛ ƛ ƛ ƛ ƛ ƛ ƛ ƛ ƛ ƛ ƛ ƛ ƛ ƛ ƛ ƛ ƛ ƛ ƛ ƛ ƛ ƛ ƛ ƛ ƛ ƛ ƛ ƛ ƛ ƛ ƛ ƛ ƛ ƛ ƛ ƛ ƛ ƛ ƛ ƛ ƛ ƛ ƛ ƛ ƛ ƛ ƛ ƛ ƛ ƛ ƛ ƛ ƛ ƛ
ƛ ƛ ƛ ƛ ƛ ƛ ƛ ƛ ƛ ƛ ƛ ƛ ƛ ƛ ƛ ƛ ƛ ƛ ƛ ƛ ƛ ƛ ƛ ƛ ƛ ƛ ƛ ƛ ƛ ƛ ƛ ƛ ƛ ƛ ƛ ƛ ƛ ƛ ƛ ƛ ƛ ƛ ƛ o ƛ ƛ ƛ ƛ ƛ ƛ ƛ ƛ ƛ ƛ ƛ ƛ ƛ ƛ ƛ ƛ ƛ ƛ ƛ ƛ ƛ ƛ ƛ ƛ ƛ ƛ ƛ ƛ ƛ ƛ ƛ ƛ ƛ ƛ ƛ ƛ ƛ ƛ ƛ ƛ ƛ ƛ ƛ ƛ ƛ ƛ ƛ ƛ ƛ ƛ ƛ ƛ ƛ ƛ ƛ ƛ ƛ ƛ ƛ ω ω
| — | — | — | — | — | — | — | — | — | — | — | — | — | — | — | — | — | — | — | — | — | | — | — | — | — | — | — | — | — | — | — | — | — | — | — | — | — | — | — | — | — | — | — | — | — | — | — | — | — | — | — |
| — | — | — | — | — | — | — | — | — | — | — | — | — | — | — | — | — | — | — | — | — | | — | — | — | — | — | — | — | — | — | — | — | — | — | — | — | — | — | — | — | — | — | — | — | — | — | — | — | — | — | — |
ƛ ƛ ƛ ƛ ƛ ƛ ƛ ƛ ƛ ƛ ƛ ƛ ƛ ƛ ƛ ƛ ƛ ƛ ƛ ƛ ƛ ƛ ƛ ƛ ƛ ƛ ƛ ƛ ƛ ƛ ƛ ƛ ƛ ƛ ƛ ƛ ƛ ƛ ƛ ƛ ƛ ƛ ƛ ƛ ƛ ƛ ƛ ƛ ƛ ƛ ƛ ƛ ƛ ƛ ƛ ƛ ƛ ƛ ƛ ƛ ƛ ƛ ƛ ƛ ƛ ƛ ƛ ƛ ƛ ƛ ƛ ƛ ƛ ƛ ƛ ƛ ƛ ƛ ƛ ƛ ƛ ƛ ƛ ƛ ƛ ƛ ƛ ƛ ƛ ƛ ƛ ƛ ƛ ƛ ƛ ƛ ƛ ƛ ƛ ƛ ƛ ƛ
ƛ ƛ ƛ ƛ ƛ ƛ ƛ ƛ ƛ ƛ ƛ ƛ ƛ ƛ ƛ ƛ ƛ ƛ ƛ ƛ ƛ ƛ ƛ ƛ ƛ ƛ ƛ ƛ ƛ ƛ ƛ ƛ ƛ ƛ ƛ ƛ ƛ ƛ ƛ ƛ ƛ ƛ ƛ o ƛ ƛ ƛ ƛ ƛ ƛ ƛ ƛ ƛ ƛ ƛ ƛ ƛ ƛ ƛ ƛ ƛ ƛ ƛ ƛ ƛ ƛ ƛ ƛ ƛ ƛ ƛ ƛ ƛ ƛ ƛ ƛ ƛ ƛ ƛ ƛ ƛ ƛ ƛ ƛ ƛ ƛ ƛ ƛ ƛ ƛ ƛ ƛ ƛ ƛ ƛ ƛ ƛ ƛ ƛ ƛ ω ω
| — | — | — | — | — | — | — | — | — | — | — | — | — | — | — | — | — | — | — | — | — | | — | — | — | — | — | — | — | — | — | — | — | — | — | — | — | — | — | — | — | — | — | — | — | — | — | — | — | — | —
| — | — | — | — | — | — | — | — | — | — | — | — | — | — | — | — | — | — | — | — | — | | — | — | — | — | — | — | — | — | — | — | — | — | — | — | — | — | — | — | — | — | — | — | — | — | — | — | — |
ƛ ƛ ƛ ƛ ƛ ƛ ƛ ƛ ƛ ƛ ƛ ƛ ƛ ƛ ƛ ƛ ƛ ƛ ƛ ƛ ƛ ƛ ƛ ƛ ƛ ƛ ƛ ƛ ƛ ƛ ƛ ƛ ƛ ƛ ƛ ƛ ƛ ƛ ƛ ƛ ƛ ƛ ƛ ƛ ƛ ƛ ƛ ƛ ƛ ƛ ƛ ƛ ƛ ƛ ƛ ƛ ƛ ƛ ƛ ƛ ƛ ƛ ƛ ƛ ƛ ƛ ƛ ƛ ƛ ƛ ƛ ƛ ƛ ƛ ƛ ƛ ƛ ƛ ƛ ƛ ƛ ƛ ƛ ƛ ƛ ƛ ƛ ƛ ƛ ƛ ƛ ƛ ƛ ƛ ƛ ƛ ƛ ƛ ƛ
ƛ ƛ ƛ ƛ ƛ ƛ ƛ ƛ ƛ ƛ ƛ ƛ ƛ ƛ ƛ ƛ ƛ ƛ ƛ ƛ ƛ ƛ ƛ ƛ ƛ ƛ ƛ ƛ ƛ ƛ ƛ ƛ ƛ ƛ ƛ ƛ ƛ ƛ ƛ ƛ ƛ ƛ ƛ o ƛ ƛ ƛ ƛ ƛ ƛ ƛ ƛ ƛ ƛ ƛ ƛ ƛ ƛ ƛ ƛ ƛ ƛ ƛ ƛ ƛ ƛ ƛ ƛ ƛ ƛ ƛ ƛ ƛ ƛ ƛ ƛ ƛ ƛ ƛ ƛ ƛ ƛ ƛ ƛ ƛ ƛ ƛ ƛ ƛ ƛ ƛ ƛ ƛ ƛ ƛ ƛ ƛ ω ω
| — | — | — | — | — | — | — | — | — | — | — | — | — | — | — | — | — | — | — | — | — | | — | — | — | — | — | — | — | — | — | — | — | — | — | — | — | — | — | — | — | — | — | — | — | — | — | —
| — | — | — | — | — | — | — | — | — | — | — | — | — | — | — | — | — | — | — | — | — | | — | — | — | — | — | — | — | — | — | — | — | — | — | — | — | — | — | — | — | — | — | — | — | — | — | —
ƛ ƛ ƛ ƛ ƛ ƛ ƛ ƛ ƛ ƛ ƛ ƛ ƛ ƛ ƛ ƛ ƛ ƛ ƛ ƛ ƛ ƛ ƛ ƛ ƛ ƛ ƛ ƛ ƛ ƛ ƛ ƛ ƛ ƛ ƛ ƛ ƛ ƛ ƛ ƛ ƛ ƛ ƛ ƛ ƛ ƛ ƛ ƛ ƛ ƛ ƛ ƛ ƛ ƛ ƛ ƛ ƛ ƛ ƛ ƛ ƛ ƛ ƛ ƛ ƛ ƛ ƛ ƛ ƛ ƛ ƛ ƛ ƛ ƛ ƛ ƛ ƛ ƛ ƛ ƛ ƛ ƛ ƛ ƛ ƛ ƛ ƛ ƛ ƛ ƛ ƛ ƛ ƛ ƛ ƛ ƛ
ƛ ƛ ƛ ƛ ƛ ƛ ƛ ƛ ƛ ƛ ƛ ƛ ƛ ƛ ƛ ƛ ƛ ƛ ƛ ƛ ƛ ƛ ƛ ƛ ƛ ƛ ƛ ƛ ƛ ƛ ƛ ƛ ƛ ƛ ƛ ƛ ƛ ƛ ƛ ƛ ƛ ƛ ƛ o ƛ ƛ ƛ ƛ ƛ ƛ ƛ ƛ ƛ ƛ ƛ ƛ ƛ ƛ ƛ ƛ ƛ ƛ ƛ ƛ ƛ ƛ ƛ ƛ ƛ ƛ ƛ ƛ ƛ ƛ ƛ ƛ ƛ ƛ ƛ ƛ ƛ ƛ ƛ ƛ ƛ ƛ ƛ ƛ ƛ ƛ ƛ ƛ ƛ ƛ ƛ ƛ ƛ ƛ ƛ ƛ ƛ ƛ ƛ ω ω
| — | — | — | — | — | — | — | — | — | — | — | — | — | — | — | — | — | — | — | — | — | | — | — | — | — | — | — | — | — | — | — | — | — | — | — | — | — | — | — | — | — | — | — | — | — | — | — | — | — | — | — |
| — | — | — | — | — | — | — | — | — | — | — | — | — | — | — | — | — | — | — | — | — | | — | — | — | — | — | — | — | — | — | — | — | — | — | — | — | — | — | — | — | — | — | — | — | — | — | — | — | — | — | — |
ƛ ƛ ƛ ƛ ƛ ƛ ƛ ƛ ƛ ƛ ƛ ƛ ƛ ƛ ƛ ƛ ƛ ƛ ƛ ƛ ƛ ƛ ƛ ƛ ƛ ƛ ƛ ƛ ƛ ƛ ƛ ƛ ƛ ƛ ƛ ƛ ƛ ƛ ƛ ƛ ƛ ƛ ƛ ƛ ƛ ƛ ƛ ƛ ƛ ƛ ƛ ƛ ƛ ƛ ƛ ƛ ƛ ƛ ƛ ƛ ƛ ƛ ƛ ƛ ƛ ƛ ƛ ƛ ƛ ƛ ƛ ƛ ƛ ƛ ƛ ƛ ƛ ƛ ƛ ƛ ƛ ƛ ƛ ƛ ƛ ƛ ƛ ƛ ƛ ƛ ƛ ƛ ƛ ƛ ƛ ƛ ƛ ƛ ƛ ƛ ƛ ƛ
ƛ ƛ ƛ ƛ ƛ ƛ ƛ ƛ ƛ ƛ ƛ ƛ ƛ ƛ ƛ ƛ ƛ ƛ ƛ ƛ ƛ ƛ ƛ ƛ ƛ ƛ ƛ ƛ ƛ ƛ ƛ ƛ ƛ ƛ ƛ ƛ ƛ ƛ ƛ ƛ ƛ ƛ ƛ o ƛ ƛ ƛ ƛ ƛ ƛ ƛ ƛ ƛ ƛ ƛ ƛ ƛ ƛ ƛ ƛ ƛ ƛ ƛ ƛ ƛ ƛ ƛ ƛ ƛ ƛ ƛ ƛ ƛ ƛ ƛ ƛ ƛ ƛ ƛ ƛ ƛ ƛ ƛ ƛ ƛ ƛ ƛ ƛ ƛ ƛ ƛ ƛ ƛ ƛ ƛ ƛ ƛ ƛ ƛ ƛ ω ω
| — | — | — | — | — | — | — | — | — | — | — | — | — | — | — | — | — | — | — | — | — | | — | — | — | — | — | — | — | — | — | — | — | — | — | — | — | — | — | — | — | — | — | — | — | — | — | — | — | — | —
| — | — | — | — | — | — | — | — | — | — | — | — | — | — | — | — | — | — | — | — | — | | — | — | — | — | — | — | — | — | — | — | — | — | — | — | — | — | — | — | — | — | — | — | — | — | — | — | — |
ƛ ƛ ƛ ƛ ƛ ƛ ƛ ƛ ƛ ƛ ƛ ƛ ƛ ƛ ƛ ƛ ƛ ƛ ƛ ƛ ƛ ƛ ƛ ƛ ƛ ƛ ƛ ƛ ƛ ƛ ƛ ƛ ƛ ƛ ƛ ƛ ƛ ƛ ƛ ƛ ƛ ƛ ƛ ƛ ƛ ƛ ƛ ƛ ƛ ƛ ƛ ƛ ƛ ƛ ƛ ƛ ƛ ƛ ƛ ƛ ƛ ƛ ƛ ƛ ƛ ƛ ƛ ƛ ƛ ƛ ƛ ƛ ƛ ƛ ƛ ƛ ƛ ƛ ƛ ƛ ƛ ƛ ƛ ƛ ƛ ƛ ƛ ƛ ƛ ƛ ƛ ƛ ƛ ƛ ƛ ƛ ƛ ƛ ƛ
ƛ ƛ ƛ ƛ ƛ ƛ ƛ ƛ ƛ ƛ ƛ ƛ ƛ ƛ ƛ ƛ ƛ ƛ ƛ ƛ ƛ ƛ ƛ ƛ ƛ ƛ ƛ ƛ ƛ ƛ ƛ ƛ ƛ ƛ ƛ ƛ ƛ ƛ ƛ ƛ ƛ ƛ ƛ o ƛ ƛ ƛ ƛ ƛ ƛ ƛ ƛ ƛ ƛ ƛ ƛ ƛ ƛ ƛ ƛ ƛ ƛ ƛ ƛ ƛ ƛ ƛ ƛ ƛ ƛ ƛ ƛ ƛ ƛ ƛ ƛ ƛ ƛ ƛ ƛ ƛ ƛ ƛ ƛ ƛ ƛ ƛ ƛ ƛ ƛ ƛ ƛ ƛ ƛ ƛ ƛ ƛ ω ω
| — | — | — | — | — | — | — | — | — | — | — | — | — | — | — | — | — | — | — | — | — | | — | — | — | — | — | — | — | — | — | — | — | — | — | — | — | — | — | — | — | — | — | — | — | — | — | —
| — | — | — | — | — | — | — | — | — | — | — | — | — | — | — | — | — | — | — | — | — | | — | — | — | — | — | — | — | — | — | — | — | — | — | — | — | — | — | — | — | — | — | — | — | — | — | —
ƛ ƛ ƛ ƛ ƛ ƛ ƛ ƛ ƛ ƛ ƛ ƛ ƛ ƛ ƛ ƛ ƛ ƛ ƛ ƛ ƛ ƛ ƛ ƛ ƛ ƛ ƛ ƛ ƛ ƛ ƛ ƛ ƛ ƛ ƛ ƛ ƛ ƛ ƛ ƛ ƛ ƛ ƛ ƛ ƛ ƛ ƛ ƛ ƛ ƛ ƛ ƛ ƛ ƛ ƛ ƛ ƛ ƛ ƛ ƛ ƛ ƛ ƛ ƛ ƛ ƛ ƛ ƛ ƛ ƛ ƛ ƛ ƛ ƛ ƛ ƛ ƛ ƛ ƛ ƛ ƛ ƛ ƛ ƛ ƛ ƛ ƛ ƛ ƛ ƛ ƛ ƛ ƛ ƛ ƛ ƛ
ƛ ƛ ƛ ƛ ƛ ƛ ƛ ƛ ƛ ƛ ƛ ƛ ƛ ƛ ƛ ƛ ƛ ƛ ƛ ƛ ƛ ƛ ƛ ƛ ƛ ƛ ƛ ƛ ƛ ƛ ƛ ƛ ƛ ƛ ƛ ƛ ƛ ƛ ƛ ƛ ƛ ƛ ƛ o ƛ ƛ ƛ ƛ ƛ ƛ ƛ ƛ ƛ ƛ ƛ ƛ ƛ ƛ ƛ ƛ ƛ ƛ ƛ ƛ ƛ ƛ ƛ ƛ ƛ ƛ ƛ ƛ ƛ ƛ ƛ ƛ ƛ ƛ ƛ ƛ ƛ ƛ ƛ ƛ ƛ ƛ ƛ ƛ ƛ ƛ ƛ ƛ ƛ ƛ ƛ ƛ ƛ ƛ ƛ ƛ ƛ ƛ ƛ ω ω
| — | — | — | — | — | — | — | — | — | — | — | — | — | — | — | — | — | — | — | — | — | | — | — | — | — | — | — | — | — | — | — | — | — | — | — | — | — | — | — | — | — | — | — | — | — | — | — | — | — | — | — |
| — | — | — | — | — | — | — | — | — | — | — | — | — | — | — | — | — | — | — | — | — | | — | — | — | — | — | — | — | — | — | — | — | — | — | — | — | — | — | — | — | — | — | — | — | — | — | — | — | — | — | — |
1
5
10
12 后身片(157针)
153
156155
157
15958
160
163
腋下卷加针 L:9针
前身片(157针)
308
311310
312
314
腋下卷加针 L:9针
( 8/8 )
